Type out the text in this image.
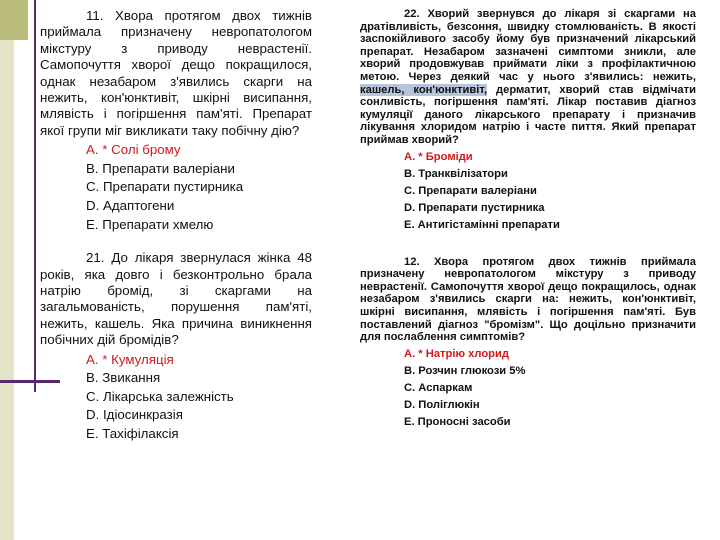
11. Хвора протягом двох тижнів приймала призначену невропатологом мікстуру з приводу неврастенії. Самопочуття хворої дещо покращилося, однак незабаром з'явились скарги на нежить, кон'юнктивіт, шкірні висипання, млявість і погіршення пам'яті. Препарат якої групи міг викликати таку побічну дію?
А. * Солі брому
В. Препарати валеріани
С. Препарати пустирника
D. Адаптогени
Е. Препарати хмелю
21. До лікаря звернулася жінка 48 років, яка довго і безконтрольно брала натрію бромід, зі скаргами на загальмованість, порушення пам'яті, нежить, кашель. Яка причина виникнення побічних дій бромідів?
А. * Кумуляція
В. Звикання
С. Лікарська залежність
D. Ідіосинкразія
Е. Тахіфілаксія
22. Хворий звернувся до лікаря зі скаргами на дратівливість, безсоння, швидку стомлюваність. В якості заспокійливого засобу йому був призначений лікарський препарат. Незабаром зазначені симптоми зникли, але хворий продовжував приймати ліки з профілактичною метою. Через деякий час у нього з'явились: нежить, кашель, кон'юнктивіт, дерматит, хворий став відмічати сонливість, погіршення пам'яті. Лікар поставив діагноз кумуляції даного лікарського препарату і призначив лікування хлоридом натрію і часте пиття. Який препарат приймав хворий?
А. * Броміди
В. Транквілізатори
С. Препарати валеріани
D. Препарати пустирника
Е. Антигістамінні препарати
12. Хвора протягом двох тижнів приймала призначену невропатологом мікстуру з приводу неврастенії. Самопочуття хворої дещо покращилось, однак незабаром з'явились скарги на: нежить, кон'юнктивіт, шкірні висипання, млявість і погіршення пам'яті. Був поставлений діагноз "бромізм". Що доцільно призначити для послаблення симптомів?
А. * Натрію хлорид
В. Розчин глюкози 5%
С. Аспаркам
D. Полiглюкiн
Е. Проносні засоби
